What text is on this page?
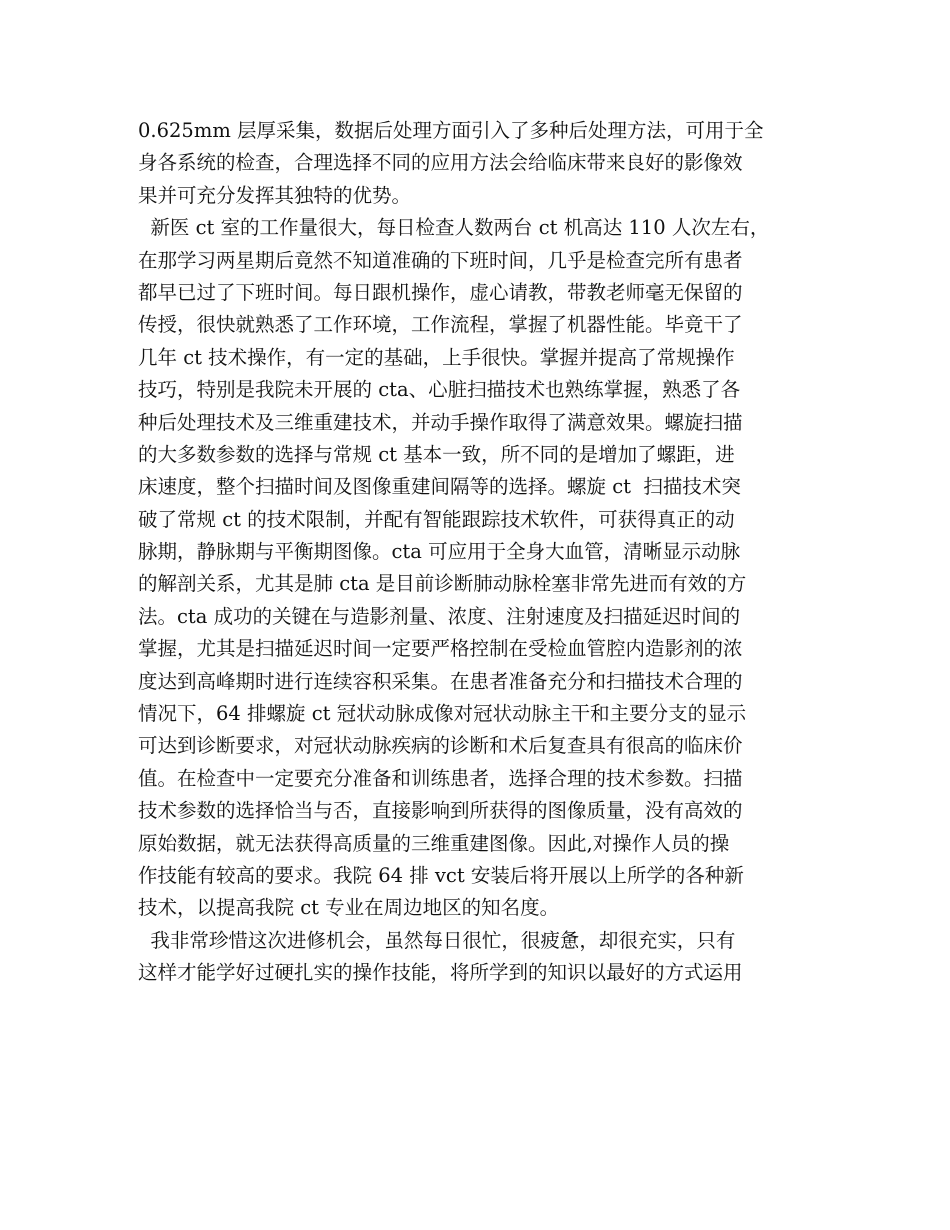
0.625mm 层厚采集，数据后处理方面引入了多种后处理方法，可用于全
身各系统的检查，合理选择不同的应用方法会给临床带来良好的影像效
果并可充分发挥其独特的优势。
新医 ct 室的工作量很大，每日检查人数两台 ct 机高达 110 人次左右，
在那学习两星期后竟然不知道准确的下班时间，几乎是检查完所有患者
都早已过了下班时间。每日跟机操作，虚心请教，带教老师毫无保留的
传授，很快就熟悉了工作环境，工作流程，掌握了机器性能。毕竟干了
几年 ct 技术操作，有一定的基础，上手很快。掌握并提高了常规操作
技巧，特别是我院未开展的 cta、心脏扫描技术也熟练掌握，熟悉了各
种后处理技术及三维重建技术，并动手操作取得了满意效果。螺旋扫描
的大多数参数的选择与常规 ct 基本一致，所不同的是增加了螺距，进
床速度，整个扫描时间及图像重建间隔等的选择。螺旋 ct  扫描技术突
破了常规 ct 的技术限制，并配有智能跟踪技术软件，可获得真正的动
脉期，静脉期与平衡期图像。cta 可应用于全身大血管，清晰显示动脉
的解剖关系，尤其是肺 cta 是目前诊断肺动脉栓塞非常先进而有效的方
法。cta 成功的关键在与造影剂量、浓度、注射速度及扫描延迟时间的
掌握，尤其是扫描延迟时间一定要严格控制在受检血管腔内造影剂的浓
度达到高峰期时进行连续容积采集。在患者准备充分和扫描技术合理的
情况下，64 排螺旋 ct 冠状动脉成像对冠状动脉主干和主要分支的显示
可达到诊断要求，对冠状动脉疾病的诊断和术后复查具有很高的临床价
值。在检查中一定要充分准备和训练患者，选择合理的技术参数。扫描
技术参数的选择恰当与否，直接影响到所获得的图像质量，没有高效的
原始数据，就无法获得高质量的三维重建图像。因此,对操作人员的操
作技能有较高的要求。我院 64 排 vct 安装后将开展以上所学的各种新
技术，以提高我院 ct 专业在周边地区的知名度。
我非常珍惜这次进修机会，虽然每日很忙，很疲惫，却很充实，只有
这样才能学好过硬扎实的操作技能，将所学到的知识以最好的方式运用
